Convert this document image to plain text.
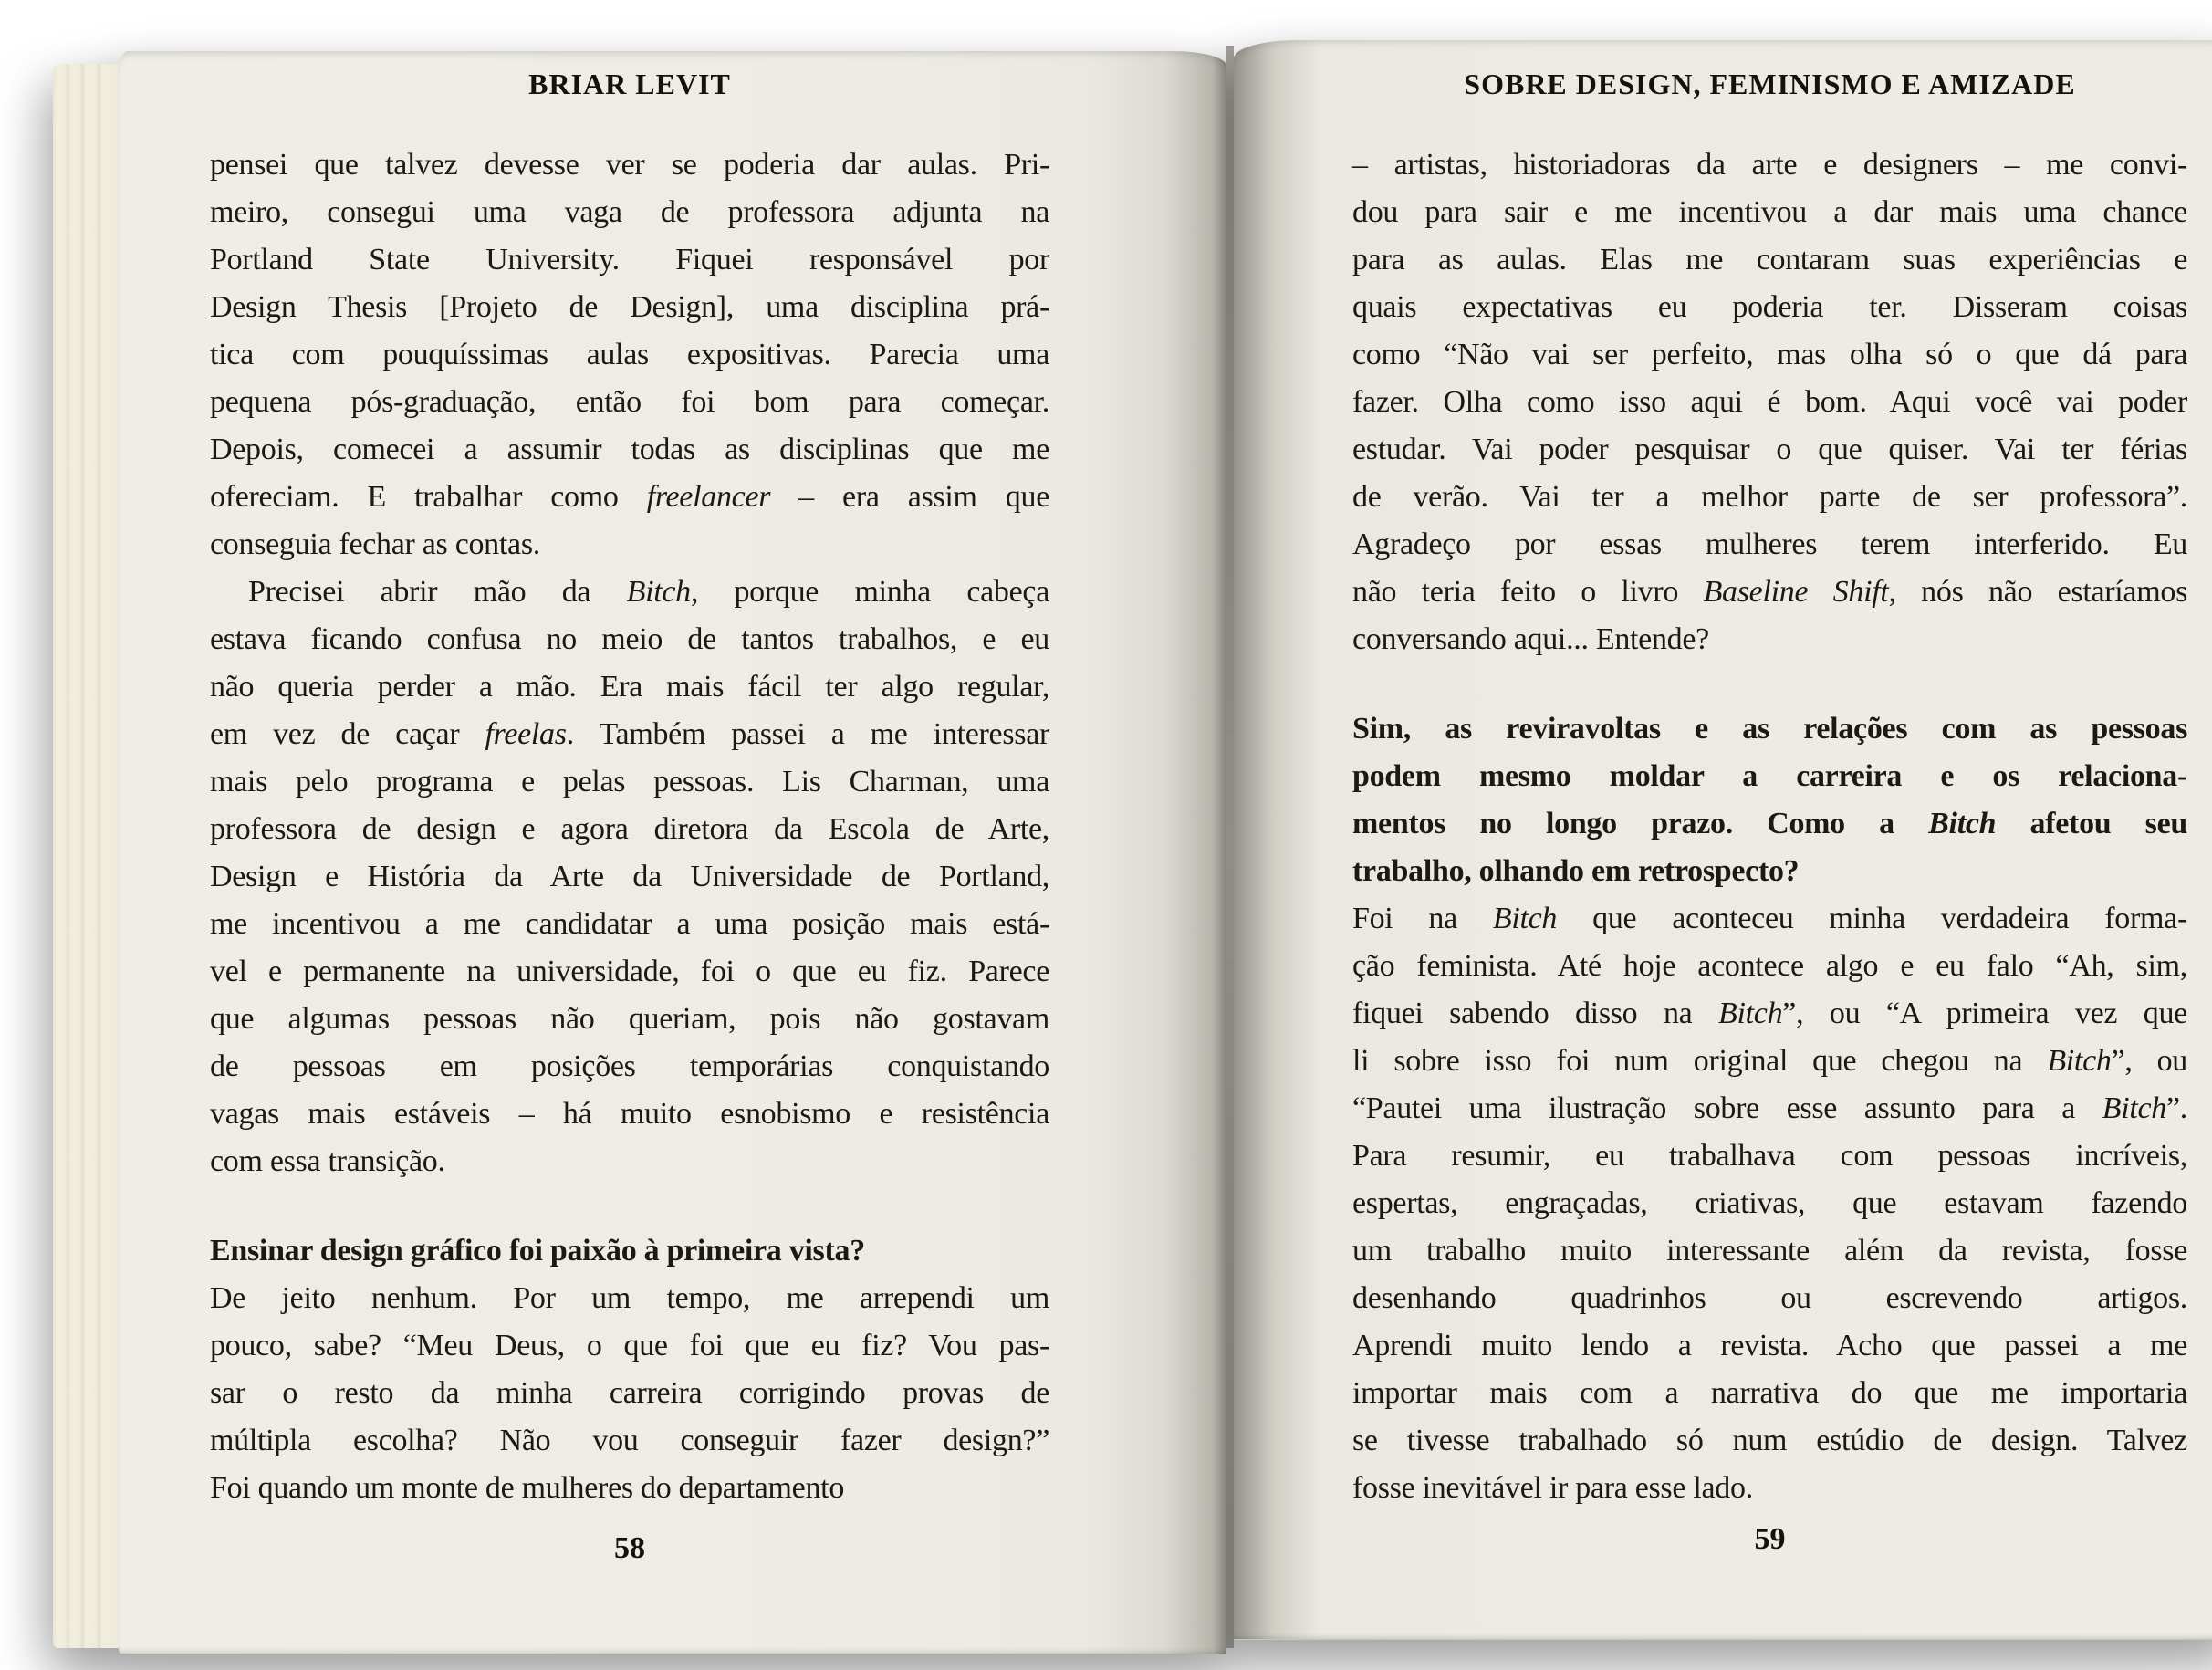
BRIAR LEVIT
pensei que talvez devesse ver se poderia dar aulas. Pri-
meiro, consegui uma vaga de professora adjunta na
Portland State University. Fiquei responsável por
Design Thesis [Projeto de Design], uma disciplina prá-
tica com pouquíssimas aulas expositivas. Parecia uma
pequena pós-graduação, então foi bom para começar.
Depois, comecei a assumir todas as disciplinas que me
ofereciam. E trabalhar como freelancer – era assim que
conseguia fechar as contas.
Precisei abrir mão da Bitch, porque minha cabeça
estava ficando confusa no meio de tantos trabalhos, e eu
não queria perder a mão. Era mais fácil ter algo regular,
em vez de caçar freelas. Também passei a me interessar
mais pelo programa e pelas pessoas. Lis Charman, uma
professora de design e agora diretora da Escola de Arte,
Design e História da Arte da Universidade de Portland,
me incentivou a me candidatar a uma posição mais está-
vel e permanente na universidade, foi o que eu fiz. Parece
que algumas pessoas não queriam, pois não gostavam
de pessoas em posições temporárias conquistando
vagas mais estáveis – há muito esnobismo e resistência
com essa transição.
Ensinar design gráfico foi paixão à primeira vista?
De jeito nenhum. Por um tempo, me arrependi um
pouco, sabe? “Meu Deus, o que foi que eu fiz? Vou pas-
sar o resto da minha carreira corrigindo provas de
múltipla escolha? Não vou conseguir fazer design?”
Foi quando um monte de mulheres do departamento
58
SOBRE DESIGN, FEMINISMO E AMIZADE
– artistas, historiadoras da arte e designers – me convi-
dou para sair e me incentivou a dar mais uma chance
para as aulas. Elas me contaram suas experiências e
quais expectativas eu poderia ter. Disseram coisas
como “Não vai ser perfeito, mas olha só o que dá para
fazer. Olha como isso aqui é bom. Aqui você vai poder
estudar. Vai poder pesquisar o que quiser. Vai ter férias
de verão. Vai ter a melhor parte de ser professora”.
Agradeço por essas mulheres terem interferido. Eu
não teria feito o livro Baseline Shift, nós não estaríamos
conversando aqui... Entende?
Sim, as reviravoltas e as relações com as pessoas
podem mesmo moldar a carreira e os relaciona-
mentos no longo prazo. Como a Bitch afetou seu
trabalho, olhando em retrospecto?
Foi na Bitch que aconteceu minha verdadeira forma-
ção feminista. Até hoje acontece algo e eu falo “Ah, sim,
fiquei sabendo disso na Bitch”, ou “A primeira vez que
li sobre isso foi num original que chegou na Bitch”, ou
“Pautei uma ilustração sobre esse assunto para a Bitch”.
Para resumir, eu trabalhava com pessoas incríveis,
espertas, engraçadas, criativas, que estavam fazendo
um trabalho muito interessante além da revista, fosse
desenhando quadrinhos ou escrevendo artigos.
Aprendi muito lendo a revista. Acho que passei a me
importar mais com a narrativa do que me importaria
se tivesse trabalhado só num estúdio de design. Talvez
fosse inevitável ir para esse lado.
59
